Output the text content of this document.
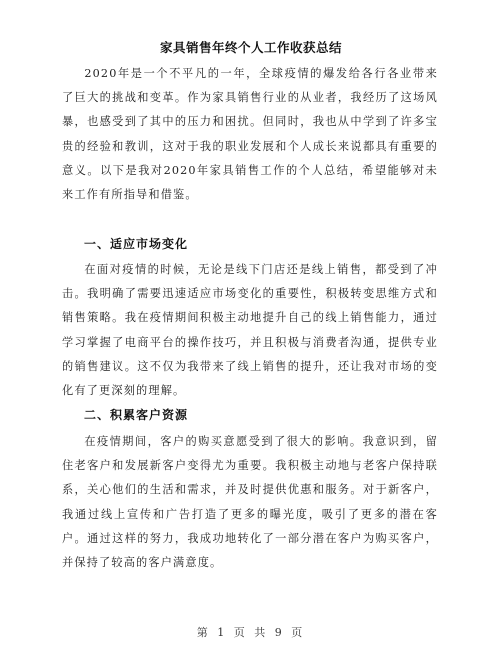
家具销售年终个人工作收获总结

2020年是一个不平凡的一年，全球疫情的爆发给各行各业带来了巨大的挑战和变革。作为家具销售行业的从业者，我经历了这场风暴，也感受到了其中的压力和困扰。但同时，我也从中学到了许多宝贵的经验和教训，这对于我的职业发展和个人成长来说都具有重要的意义。以下是我对2020年家具销售工作的个人总结，希望能够对未来工作有所指导和借鉴。

一、适应市场变化

在面对疫情的时候，无论是线下门店还是线上销售，都受到了冲击。我明确了需要迅速适应市场变化的重要性，积极转变思维方式和销售策略。我在疫情期间积极主动地提升自己的线上销售能力，通过学习掌握了电商平台的操作技巧，并且积极与消费者沟通，提供专业的销售建议。这不仅为我带来了线上销售的提升，还让我对市场的变化有了更深刻的理解。

二、积累客户资源

在疫情期间，客户的购买意愿受到了很大的影响。我意识到，留住老客户和发展新客户变得尤为重要。我积极主动地与老客户保持联系，关心他们的生活和需求，并及时提供优惠和服务。对于新客户，我通过线上宣传和广告打造了更多的曝光度，吸引了更多的潜在客户。通过这样的努力，我成功地转化了一部分潜在客户为购买客户，并保持了较高的客户满意度。

第 1 页 共 9 页
